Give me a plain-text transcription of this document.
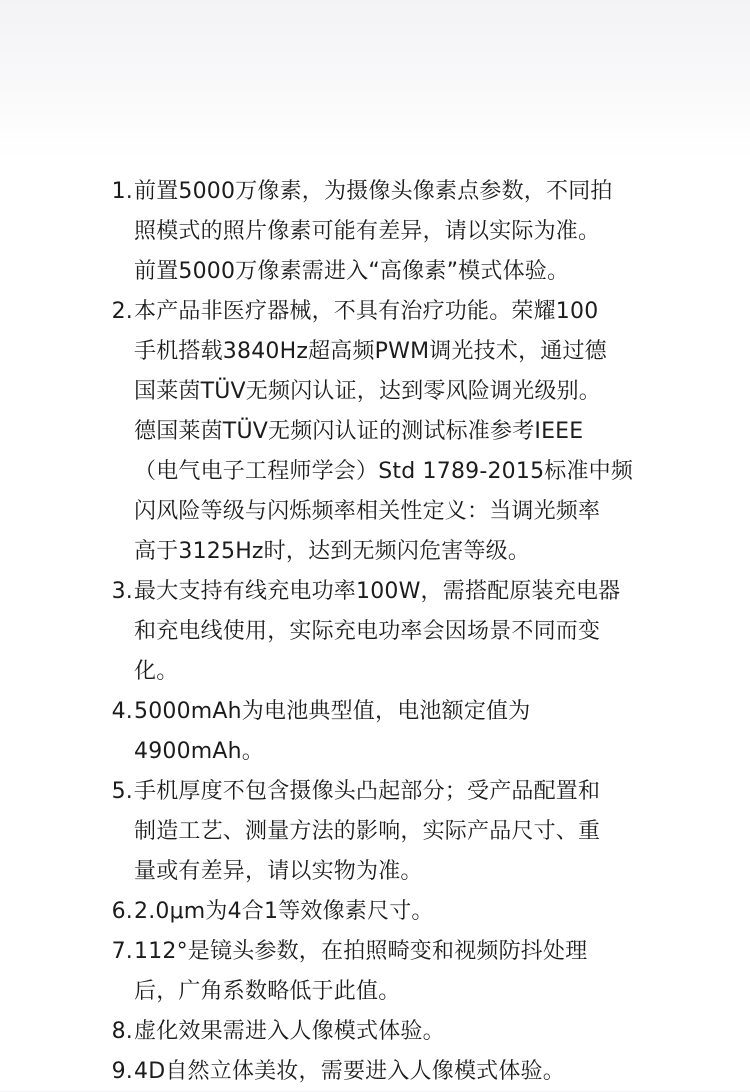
1. 前置5000万像素，为摄像头像素点参数，不同拍
照模式的照片像素可能有差异，请以实际为准。
前置5000万像素需进入“高像素”模式体验。
2. 本产品非医疗器械，不具有治疗功能。荣耀100
手机搭载3840Hz超高频PWM调光技术，通过德
国莱茵TÜV无频闪认证，达到零风险调光级别。
德国莱茵TÜV无频闪认证的测试标准参考IEEE
（电气电子工程师学会）Std 1789-2015标准中频
闪风险等级与闪烁频率相关性定义：当调光频率
高于3125Hz时，达到无频闪危害等级。
3. 最大支持有线充电功率100W，需搭配原装充电器
和充电线使用，实际充电功率会因场景不同而变
化。
4. 5000mAh为电池典型值，电池额定值为
4900mAh。
5. 手机厚度不包含摄像头凸起部分；受产品配置和
制造工艺、测量方法的影响，实际产品尺寸、重
量或有差异，请以实物为准。
6. 2.0μm为4合1等效像素尺寸。
7. 112°是镜头参数，在拍照畸变和视频防抖处理
后，广角系数略低于此值。
8. 虚化效果需进入人像模式体验。
9. 4D自然立体美妆，需要进入人像模式体验。
